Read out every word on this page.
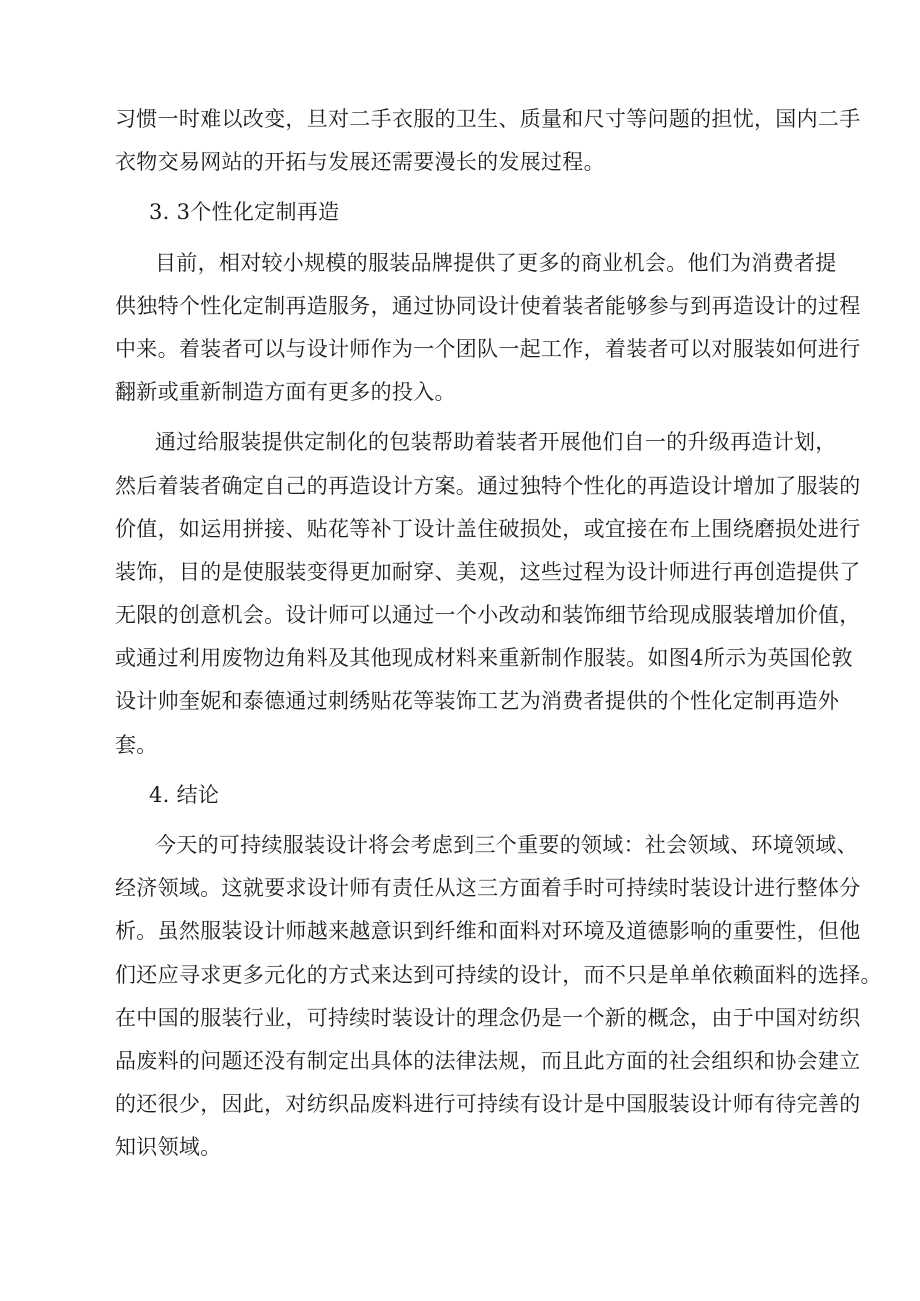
习惯一时难以改变，旦对二手衣服的卫生、质量和尺寸等问题的担忧，国内二手
衣物交易网站的开拓与发展还需要漫长的发展过程。
3. 3个性化定制再造
目前，相对较小规模的服装品牌提供了更多的商业机会。他们为消费者提
供独特个性化定制再造服务，通过协同设计使着装者能够参与到再造设计的过程
中来。着装者可以与设计师作为一个团队一起工作，着装者可以对服装如何进行
翻新或重新制造方面有更多的投入。
通过给服装提供定制化的包装帮助着装者开展他们自一的升级再造计划，
然后着装者确定自己的再造设计方案。通过独特个性化的再造设计增加了服装的
价值，如运用拼接、贴花等补丁设计盖住破损处，或宜接在布上围绕磨损处进行
装饰，目的是使服装变得更加耐穿、美观，这些过程为设计师进行再创造提供了
无限的创意机会。设计师可以通过一个小改动和装饰细节给现成服装增加价值，
或通过利用废物边角料及其他现成材料来重新制作服装。如图4所示为英国伦敦
设计帅奎妮和泰德通过刺绣贴花等装饰工艺为消费者提供的个性化定制再造外
套。
4. 结论
今天的可持续服装设计将会考虑到三个重要的领域：社会领域、环境领域、
经济领域。这就要求设计师有责任从这三方面着手时可持续时装设计进行整体分
析。虽然服装设计师越来越意识到纤维和面料对环境及道德影响的重要性，但他
们还应寻求更多元化的方式来达到可持续的设计，而不只是单单依赖面料的选择。
在中国的服装行业，可持续时装设计的理念仍是一个新的概念，由于中国对纺织
品废料的问题还没有制定出具体的法律法规，而且此方面的社会组织和协会建立
的还很少，因此，对纺织品废料进行可持续有设计是中国服装设计师有待完善的
知识领域。
